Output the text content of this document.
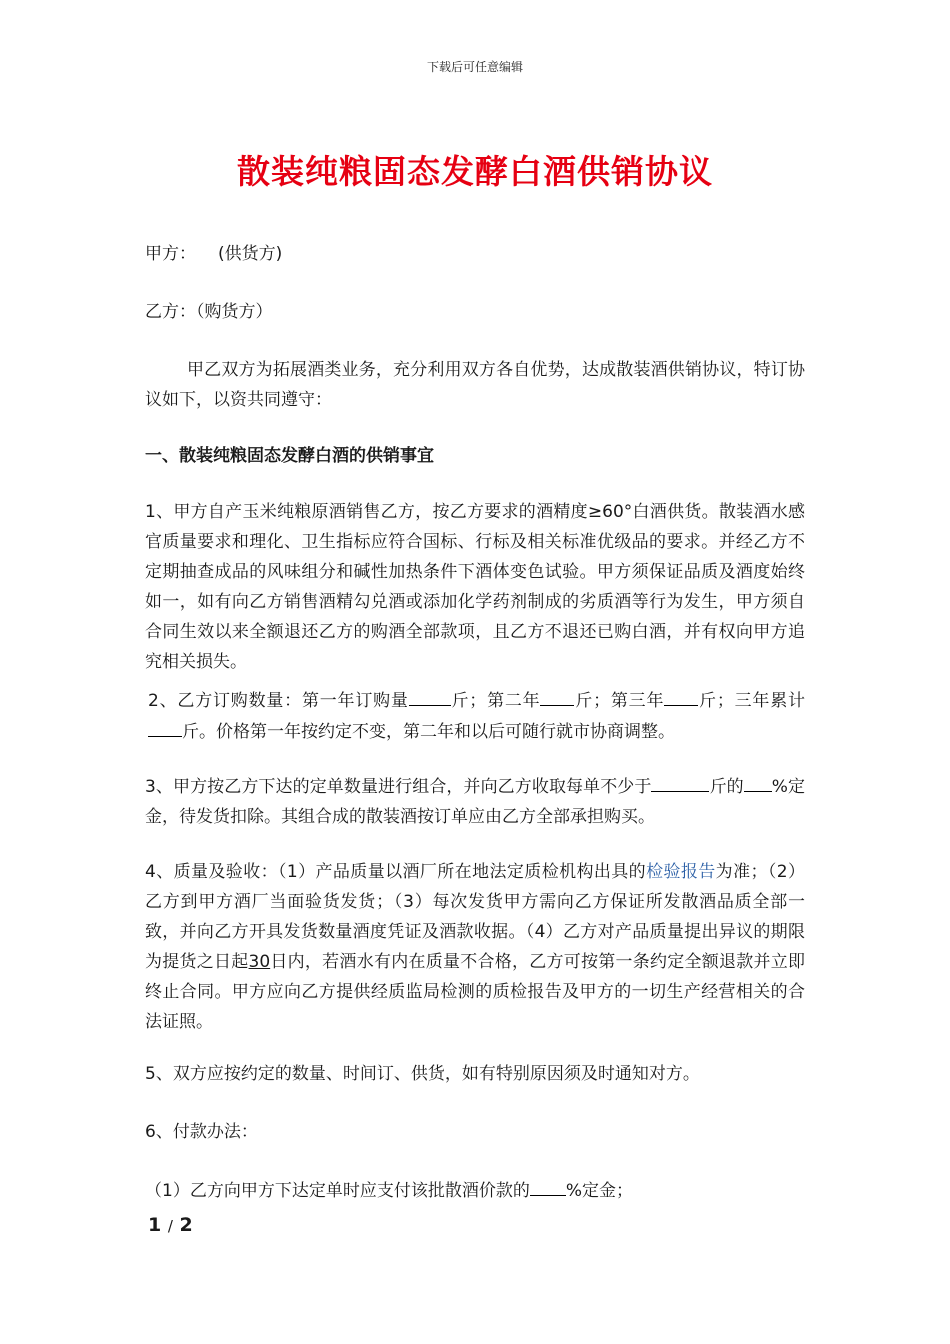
下载后可任意编辑
散装纯粮固态发酵白酒供销协议
甲方： (供货方)
乙方：（购货方）
甲乙双方为拓展酒类业务，充分利用双方各自优势，达成散装酒供销协议，特订协议如下，以资共同遵守：
一、散装纯粮固态发酵白酒的供销事宜
1、甲方自产玉米纯粮原酒销售乙方，按乙方要求的酒精度≥60°白酒供货。散装酒水感官质量要求和理化、卫生指标应符合国标、行标及相关标准优级品的要求。并经乙方不定期抽查成品的风味组分和碱性加热条件下酒体变色试验。甲方须保证品质及酒度始终如一，如有向乙方销售酒精勾兑酒或添加化学药剂制成的劣质酒等行为发生，甲方须自合同生效以来全额退还乙方的购酒全部款项，且乙方不退还已购白酒，并有权向甲方追究相关损失。
2、乙方订购数量：第一年订购量 斤；第二年 斤；第三年 斤；三年累计斤。价格第一年按约定不变，第二年和以后可随行就市协商调整。
3、甲方按乙方下达的定单数量进行组合，并向乙方收取每单不少于	斤的 %定金，待发货扣除。其组合成的散装酒按订单应由乙方全部承担购买。
4、质量及验收：（1）产品质量以酒厂所在地法定质检机构出具的检验报告为准；（2）乙方到甲方酒厂当面验货发货；（3）每次发货甲方需向乙方保证所发散酒品质全部一致，并向乙方开具发货数量酒度凭证及酒款收据。（4）乙方对产品质量提出异议的期限为提货之日起30日内，若酒水有内在质量不合格，乙方可按第一条约定全额退款并立即终止合同。甲方应向乙方提供经质监局检测的质检报告及甲方的一切生产经营相关的合法证照。
5、双方应按约定的数量、时间订、供货，如有特别原因须及时通知对方。
6、付款办法：
（1）乙方向甲方下达定单时应支付该批散酒价款的 %定金；
1 / 2
